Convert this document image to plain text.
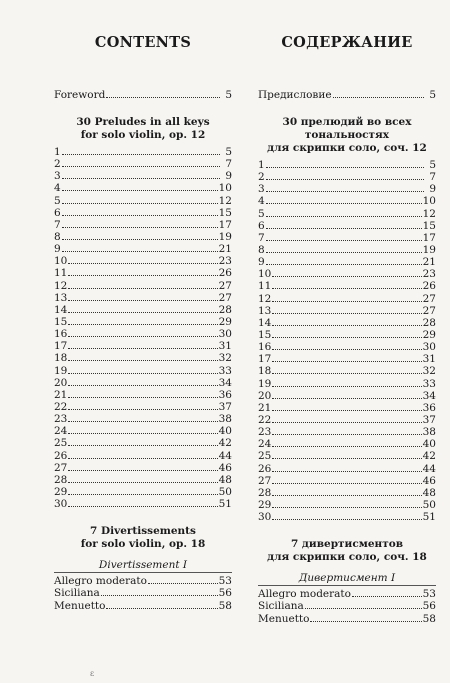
CONTENTS
Foreword	5
30 Preludes in all keys
for solo violin, op. 12
1	5
2	7
3	9
4	10
5	12
6	15
7	17
8	19
9	21
10	23
11	26
12	27
13	27
14	28
15	29
16	30
17	31
18	32
19	33
20	34
21	36
22	37
23	38
24	40
25	42
26	44
27	46
28	48
29	50
30	51
7 Divertissements
for solo violin, op. 18
Divertissement I
Allegro moderato	53
Siciliana	56
Menuetto	58
СОДЕРЖАНИЕ
Предисловие	5
30 прелюдий во всех тональностях
для скрипки соло, соч. 12
1	5
2	7
3	9
4	10
5	12
6	15
7	17
8	19
9	21
10	23
11	26
12	27
13	27
14	28
15	29
16	30
17	31
18	32
19	33
20	34
21	36
22	37
23	38
24	40
25	42
26	44
27	46
28	48
29	50
30	51
7 дивертисментов
для скрипки соло, соч. 18
Дивертисмент I
Allegro moderato	53
Siciliana	56
Menuetto	58
ε
